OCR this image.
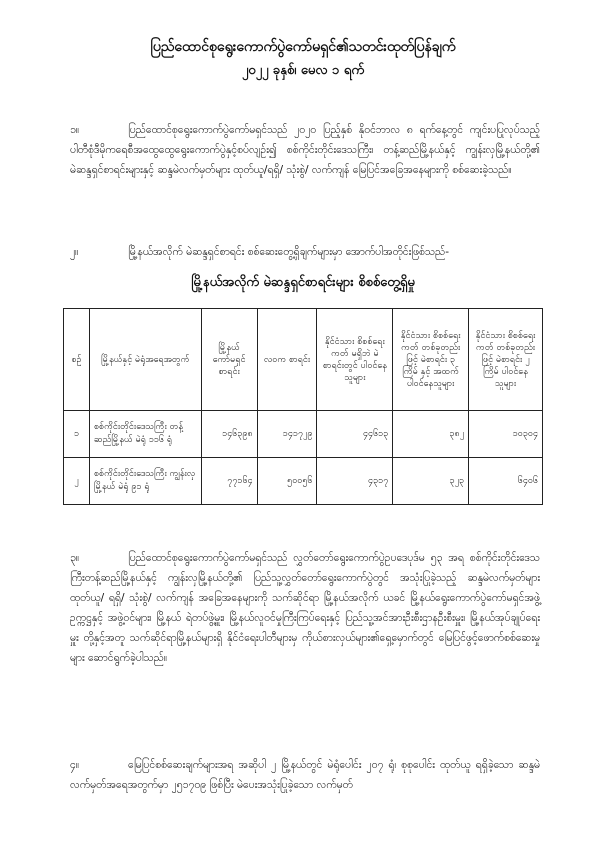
ပြည်ထောင်စုရွေးကောက်ပွဲကော်မရှင်၏သတင်းထုတ်ပြန်ချက်
၂၀၂၂ ခုနှစ်၊ မေလ ၁ ရက်
၁။	ပြည်ထောင်စုရွေးကောက်ပွဲကော်မရှင်သည် ၂၀၂၀ ပြည့်နှစ် နိုဝင်ဘာလ ၈ ရက်နေ့တွင် ကျင်းပပြုလုပ်သည့် ပါတီစုံဒီမိုကရေစီအထွေထွေရွေးကောက်ပွဲနှင့်စပ်လျဉ်း၍ စစ်ကိုင်းတိုင်းဒေသကြီး၊ တန့်ဆည်မြို့နယ်နှင့် ကျွန်းလှမြို့နယ်တို့၏ မဲဆန္ဒရှင်စာရင်းများနှင့် ဆန္ဒမဲလက်မှတ်များ ထုတ်ယူ/ရရှိ/ သုံးစွဲ/ လက်ကျန် မြေပြင်အခြေအနေများကို စစ်ဆေးခဲ့သည်။
၂။	မြို့နယ်အလိုက် မဲဆန္ဒရှင်စာရင်း စစ်ဆေးတွေ့ရှိချက်များမှာ အောက်ပါအတိုင်းဖြစ်သည်-
မြို့နယ်အလိုက် မဲဆန္ဒရှင်စာရင်းများ စိစစ်တွေ့ရှိမှု
စဉ်	မြို့နယ်နှင့် မဲရုံအရေအတွက်	မြို့နယ် ကော်မရှင် စာရင်း	လဝက စာရင်း	နိုင်ငံသား စိစစ်ရေးကတ် မရှိဘဲ မဲစာရင်းတွင် ပါဝင်နေသူများ	နိုင်ငံသား စိစစ်ရေးကတ် တစ်ခုတည်းဖြင့် မဲစာရင်း ၃ ကြိမ် နှင့် အထက် ပါဝင်နေသူများ	နိုင်ငံသား စိစစ်ရေးကတ် တစ်ခုတည်းဖြင့် မဲစာရင်း ၂ ကြိမ် ပါဝင်နေသူများ
၁	စစ်ကိုင်းတိုင်းဒေသကြီး တန့်ဆည်မြို့နယ် မဲရုံ ၁၁၆ ရုံ	၁၄၆၃၉၈	၁၄၁၇၂၉	၄၄၆၁၃	၃၈၂	၁၀၃၀၄
၂	စစ်ကိုင်းတိုင်းဒေသကြီး ကျွန်းလှမြို့နယ် မဲရုံ ၉၁ ရုံ	၇၇၁၆၄	၅၀၀၅၆	၄၃၁၇	၃၂၃	၆၄၀၆
၃။	ပြည်ထောင်စုရွေးကောက်ပွဲကော်မရှင်သည် လွှတ်တော်ရွေးကောက်ပွဲဥပဒေပုဒ်မ ၅၃ အရ စစ်ကိုင်းတိုင်းဒေသကြီးတန့်ဆည်မြို့နယ်နှင့် ကျွန်းလှမြို့နယ်တို့၏ ပြည်သူ့လွှတ်တော်ရွေးကောက်ပွဲတွင် အသုံးပြုခဲ့သည့် ဆန္ဒမဲလက်မှတ်များ ထုတ်ယူ/ ရရှိ/ သုံးစွဲ/ လက်ကျန် အခြေအနေများကို သက်ဆိုင်ရာ မြို့နယ်အလိုက် ယခင် မြို့နယ်ရွေးကောက်ပွဲကော်မရှင်အဖွဲ့ ဥက္ကဋ္ဌနှင့် အဖွဲ့ဝင်များ၊ မြို့နယ် ရဲတပ်ဖွဲ့မှူး၊ မြို့နယ်လူဝင်မှုကြီးကြပ်ရေးနှင့် ပြည်သူ့အင်အားဦးစီးဌာနဦးစီးမှူး၊ မြို့နယ်အုပ်ချုပ်ရေးမှူး တို့နှင့်အတူ သက်ဆိုင်ရာမြို့နယ်များရှိ နိုင်ငံရေးပါတီများမှ ကိုယ်စားလှယ်များ၏ရှေ့မှောက်တွင် မြေပြင်ဖွင့်ဖောက်စစ်ဆေးမှုများ ဆောင်ရွက်ခဲ့ပါသည်။
၄။	မြေပြင်စစ်ဆေးချက်များအရ အဆိုပါ ၂ မြို့နယ်တွင် မဲရုံပေါင်း ၂၀၇ ရုံ၊ စုစုပေါင်း ထုတ်ယူ ရရှိခဲ့သော ဆန္ဒမဲလက်မှတ်အရေအတွက်မှာ ၂၅၁၇၀၉ ဖြစ်ပြီး မဲပေးအသုံးပြုခဲ့သော လက်မှတ်
